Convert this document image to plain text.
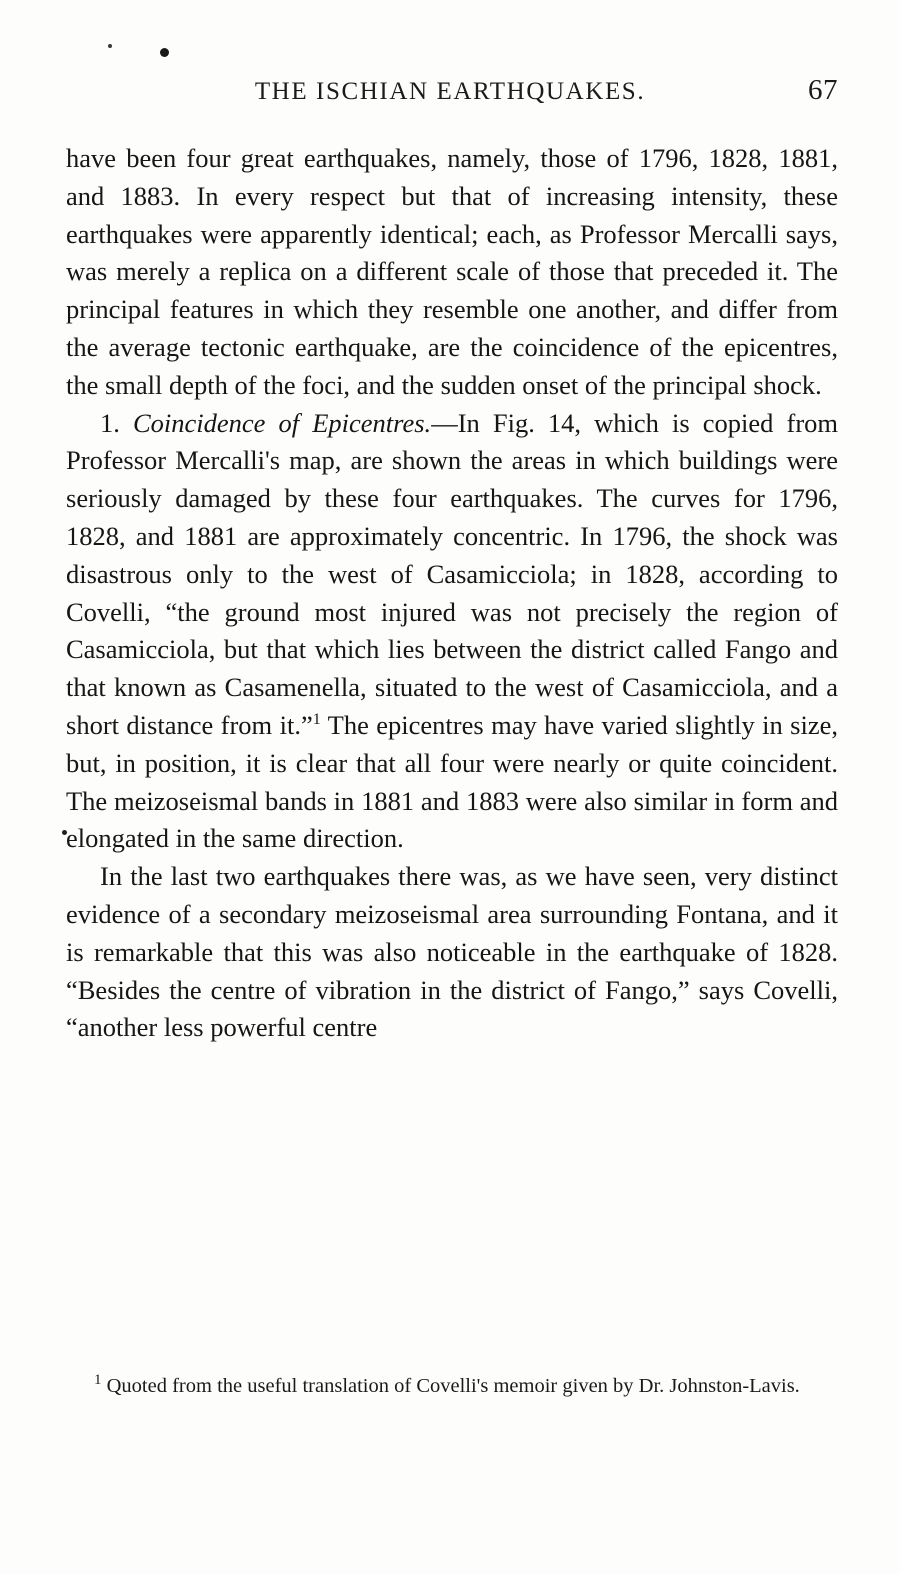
THE ISCHIAN EARTHQUAKES.	67

have been four great earthquakes, namely, those of 1796, 1828, 1881, and 1883. In every respect but that of increasing intensity, these earthquakes were apparently identical; each, as Professor Mercalli says, was merely a replica on a different scale of those that preceded it. The principal features in which they resemble one another, and differ from the average tectonic earthquake, are the coincidence of the epicentres, the small depth of the foci, and the sudden onset of the principal shock.

1. Coincidence of Epicentres.—In Fig. 14, which is copied from Professor Mercalli's map, are shown the areas in which buildings were seriously damaged by these four earthquakes. The curves for 1796, 1828, and 1881 are approximately concentric. In 1796, the shock was disastrous only to the west of Casamicciola; in 1828, according to Covelli, “the ground most injured was not precisely the region of Casamicciola, but that which lies between the district called Fango and that known as Casamenella, situated to the west of Casamicciola, and a short distance from it.”$^1$ The epicentres may have varied slightly in size, but, in position, it is clear that all four were nearly or quite coincident. The meizoseismal bands in 1881 and 1883 were also similar in form and elongated in the same direction.

In the last two earthquakes there was, as we have seen, very distinct evidence of a secondary meizoseismal area surrounding Fontana, and it is remarkable that this was also noticeable in the earthquake of 1828. “Besides the centre of vibration in the district of Fango,” says Covelli, “another less powerful centre

$^1$ Quoted from the useful translation of Covelli's memoir given by Dr. Johnston-Lavis.
